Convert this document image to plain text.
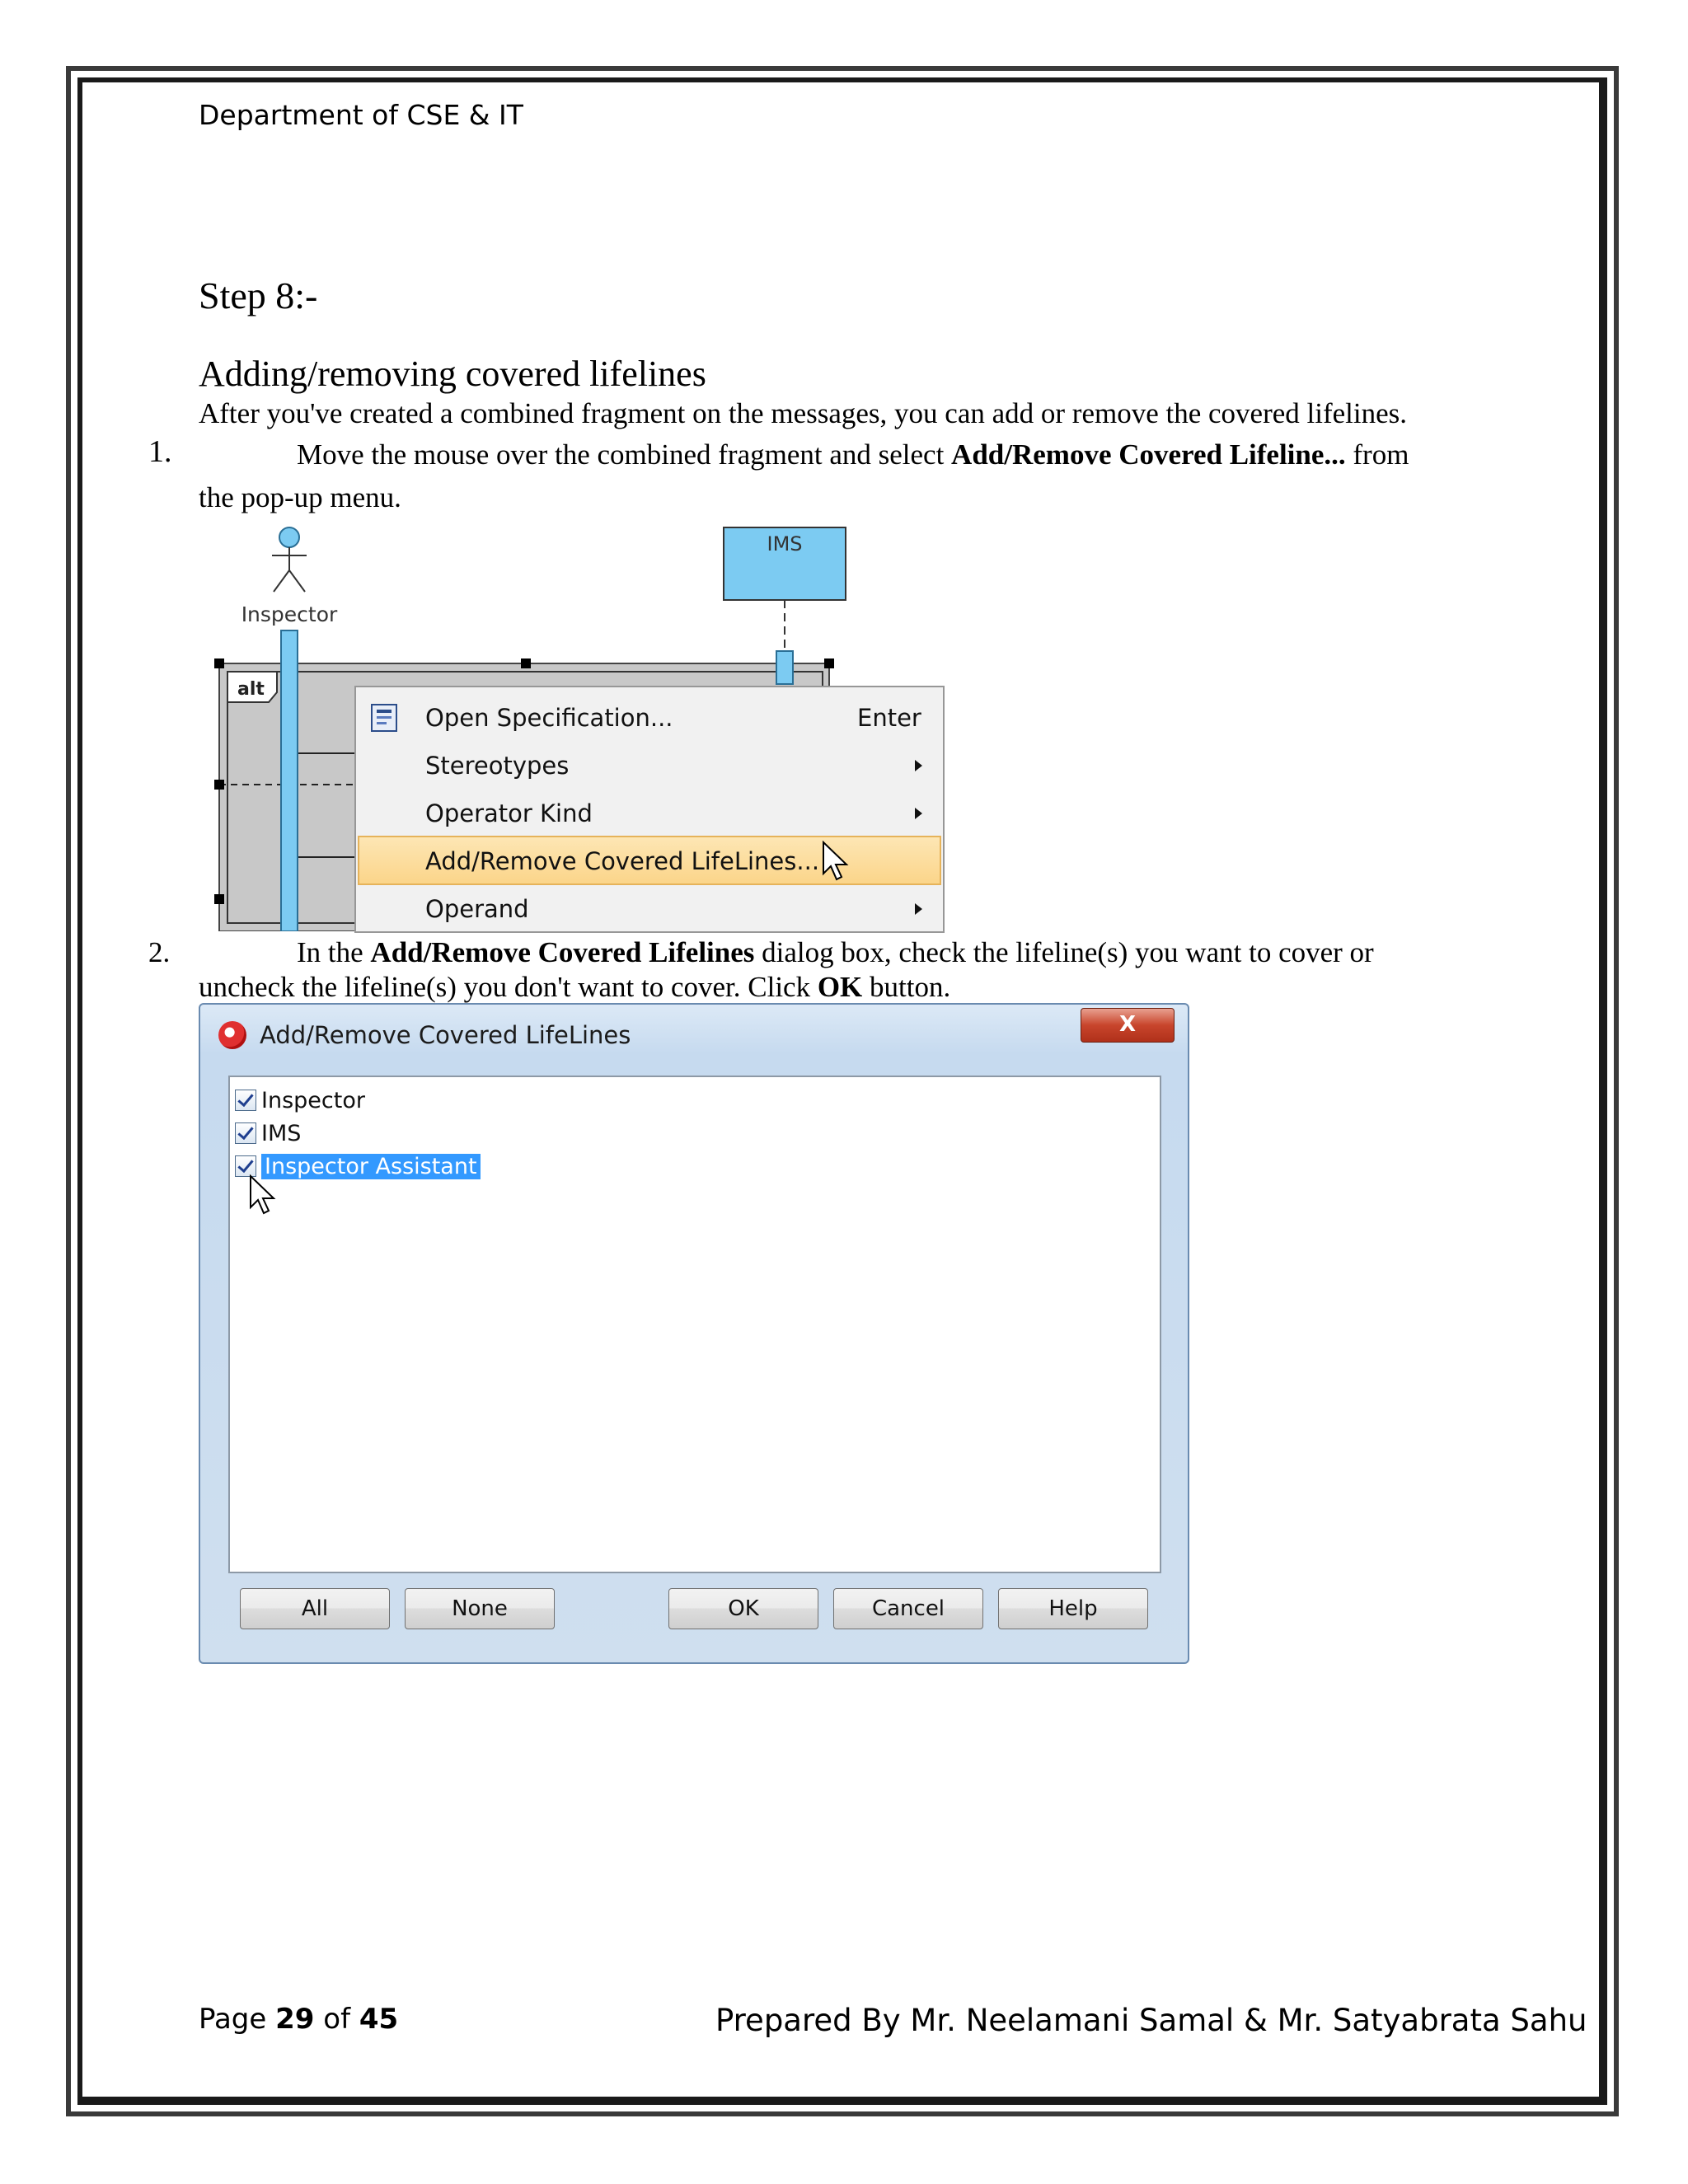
Department of CSE & IT
Step 8:-
Adding/removing covered lifelines
After you've created a combined fragment on the messages, you can add or remove the covered lifelines.
1.	Move the mouse over the combined fragment and select Add/Remove Covered Lifeline... from
the pop-up menu.
Inspector
IMS
alt
Open Specification...	Enter
Stereotypes
Operator Kind
Add/Remove Covered LifeLines...
Operand
2.	In the Add/Remove Covered Lifelines dialog box, check the lifeline(s) you want to cover or
uncheck the lifeline(s) you don't want to cover. Click OK button.
Add/Remove Covered LifeLines	X
Inspector
IMS
Inspector Assistant
All	None	OK	Cancel	Help
Page 29 of 45	Prepared By Mr. Neelamani Samal & Mr. Satyabrata Sahu
